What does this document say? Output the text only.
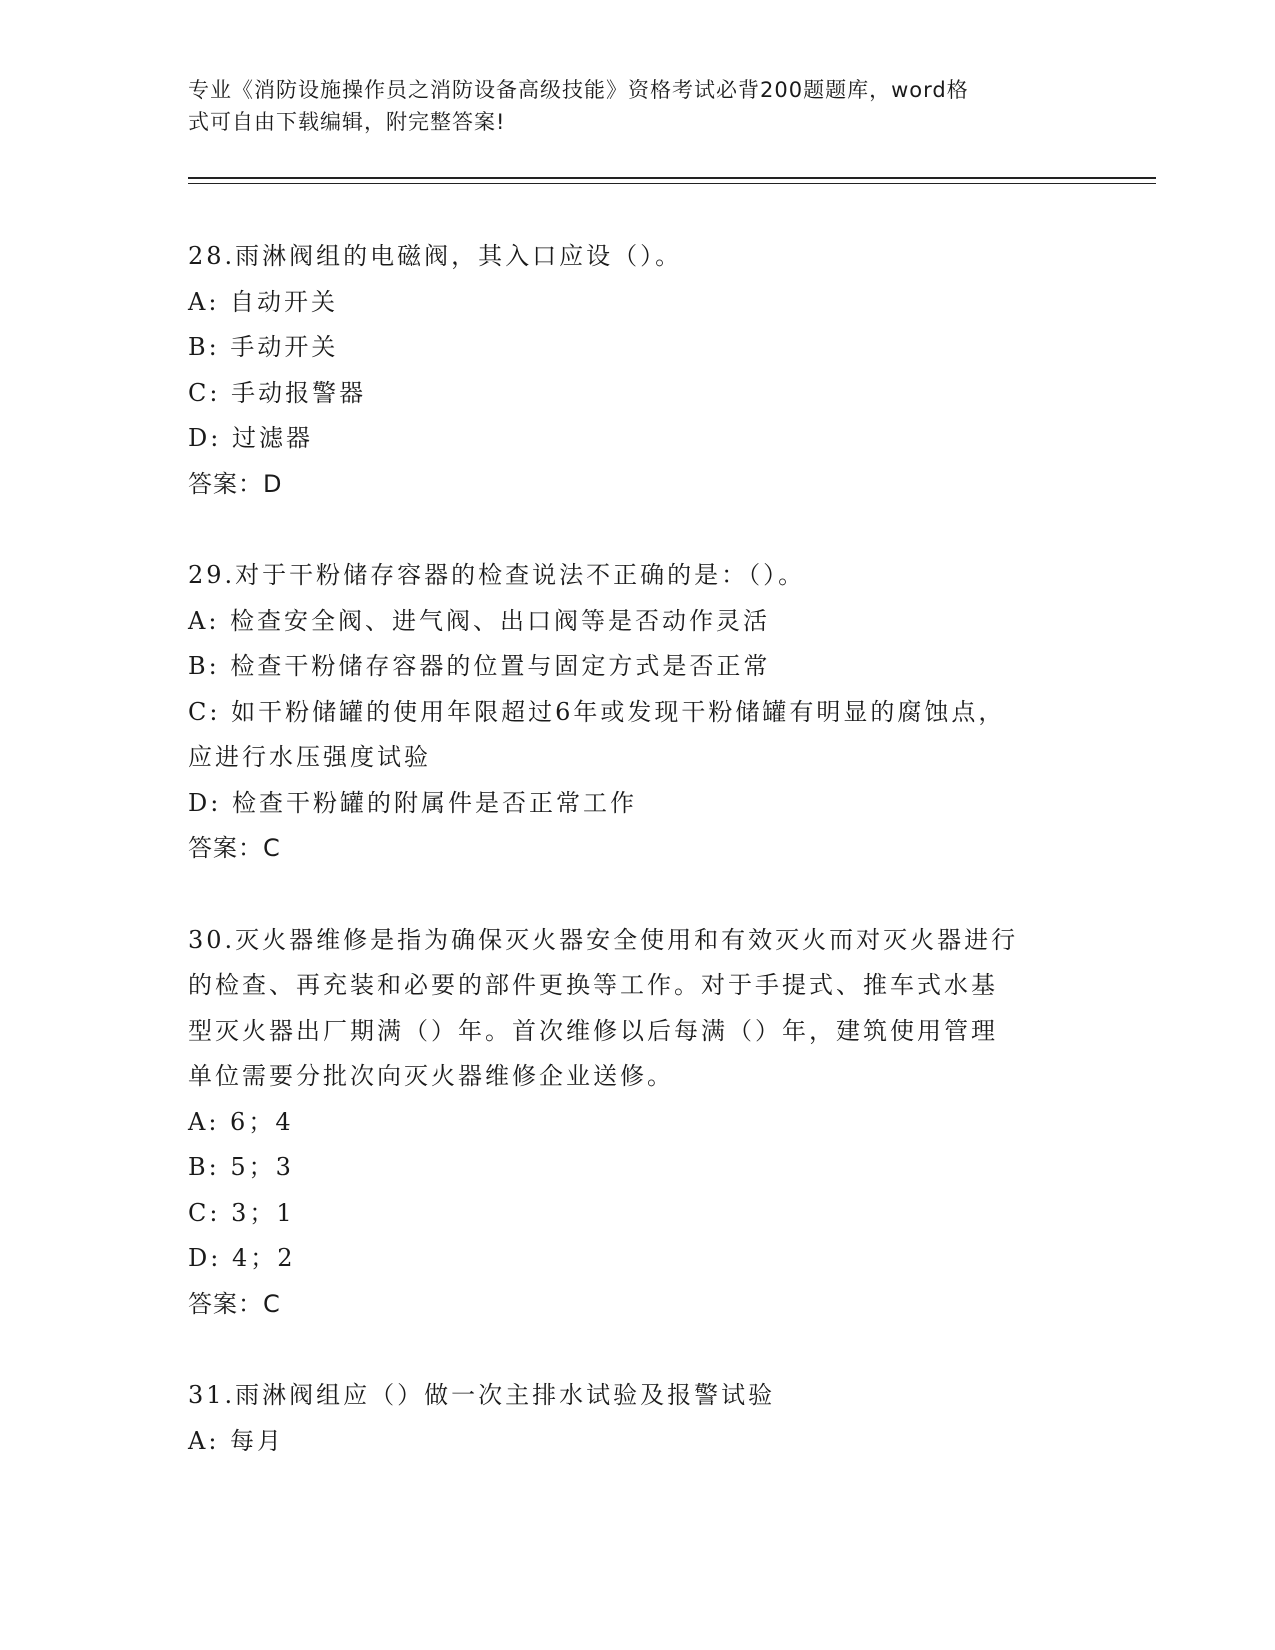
专业《消防设施操作员之消防设备高级技能》资格考试必背200题题库，word格
式可自由下载编辑，附完整答案!

28.雨淋阀组的电磁阀，其入口应设（）。

A: 自动开关

B: 手动开关

C: 手动报警器

D: 过滤器

答案：D

29.对于干粉储存容器的检查说法不正确的是：（）。

A: 检查安全阀、进气阀、出口阀等是否动作灵活

B: 检查干粉储存容器的位置与固定方式是否正常

C: 如干粉储罐的使用年限超过6年或发现干粉储罐有明显的腐蚀点，

应进行水压强度试验

D: 检查干粉罐的附属件是否正常工作

答案：C

30.灭火器维修是指为确保灭火器安全使用和有效灭火而对灭火器进行

的检查、再充装和必要的部件更换等工作。对于手提式、推车式水基

型灭火器出厂期满（）年。首次维修以后每满（）年，建筑使用管理

单位需要分批次向灭火器维修企业送修。

A: 6；4

B: 5；3

C: 3；1

D: 4；2

答案：C

31.雨淋阀组应（）做一次主排水试验及报警试验

A: 每月
